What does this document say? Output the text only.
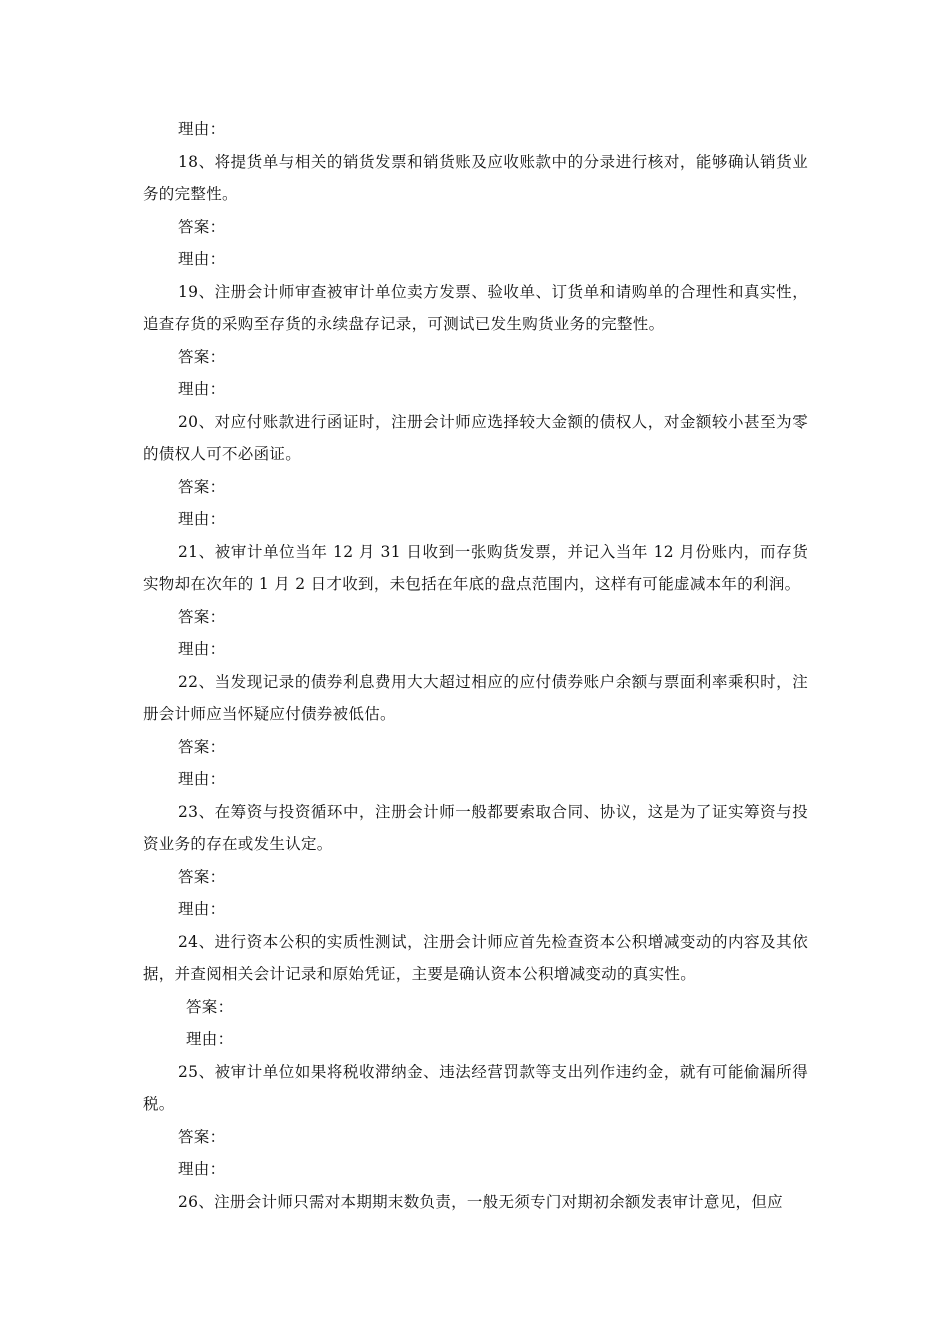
理由：
18、将提货单与相关的销货发票和销货账及应收账款中的分录进行核对，能够确认销货业务的完整性。
答案：
理由：
19、注册会计师审查被审计单位卖方发票、验收单、订货单和请购单的合理性和真实性，追查存货的采购至存货的永续盘存记录，可测试已发生购货业务的完整性。
答案：
理由：
20、对应付账款进行函证时，注册会计师应选择较大金额的债权人，对金额较小甚至为零的债权人可不必函证。
答案：
理由：
21、被审计单位当年 12 月 31 日收到一张购货发票，并记入当年 12 月份账内，而存货实物却在次年的 1 月 2 日才收到，未包括在年底的盘点范围内，这样有可能虚减本年的利润。
答案：
理由：
22、当发现记录的债券利息费用大大超过相应的应付债券账户余额与票面利率乘积时，注册会计师应当怀疑应付债券被低估。
答案：
理由：
23、在筹资与投资循环中，注册会计师一般都要索取合同、协议，这是为了证实筹资与投资业务的存在或发生认定。
答案：
理由：
24、进行资本公积的实质性测试，注册会计师应首先检查资本公积增减变动的内容及其依据，并查阅相关会计记录和原始凭证，主要是确认资本公积增减变动的真实性。
答案：
理由：
25、被审计单位如果将税收滞纳金、违法经营罚款等支出列作违约金，就有可能偷漏所得税。
答案：
理由：
26、注册会计师只需对本期期末数负责，一般无须专门对期初余额发表审计意见，但应
